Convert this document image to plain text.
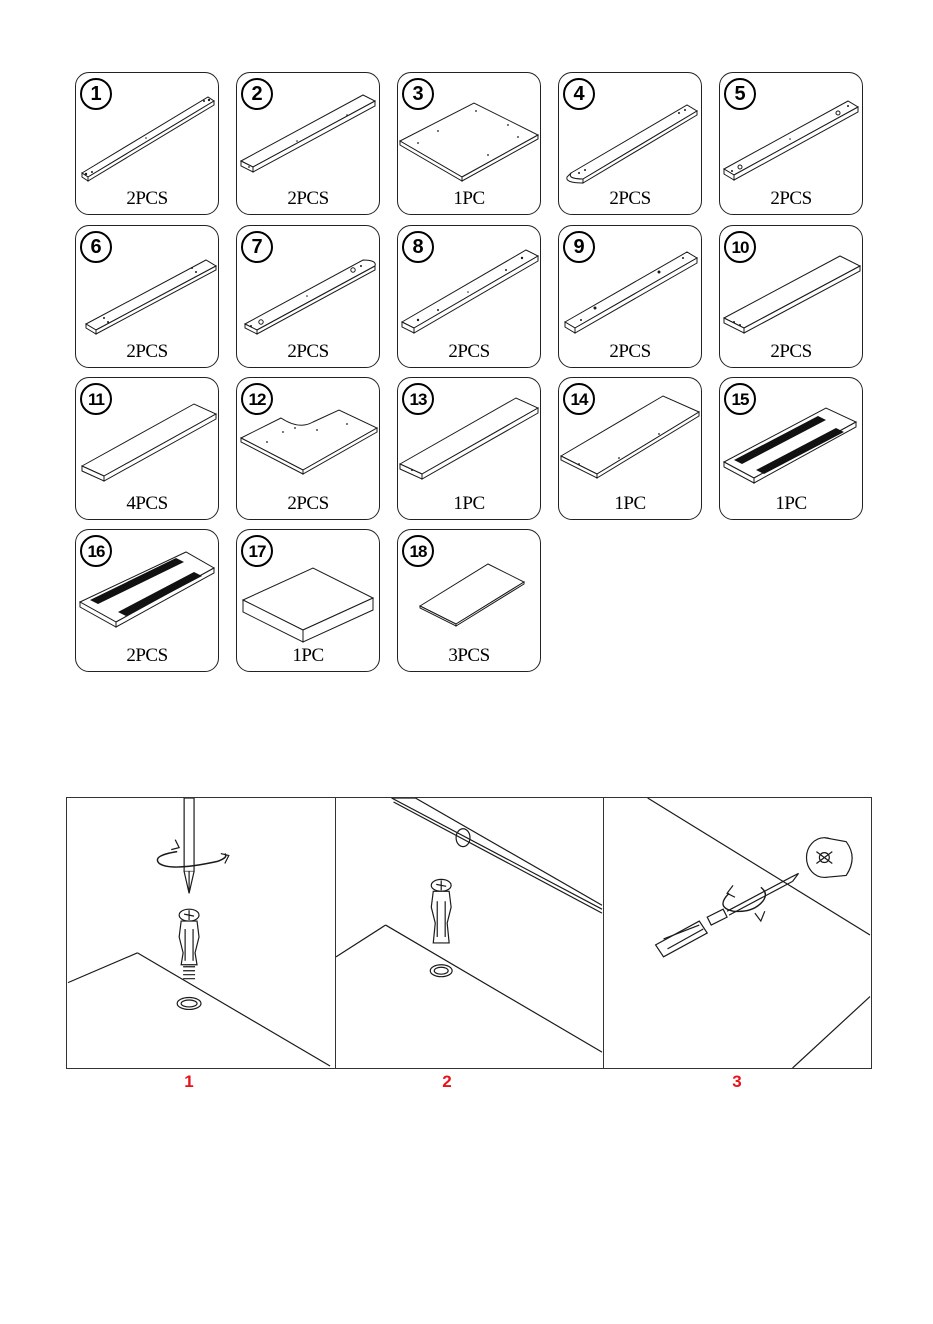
1
2PCS
2
2PCS
3
1PC
4
2PCS
5
2PCS
6
2PCS
7
2PCS
8
2PCS
9
2PCS
10
2PCS
11
4PCS
12
2PCS
13
1PC
14
1PC
15
1PC
16
2PCS
17
1PC
18
3PCS
1	2	3
